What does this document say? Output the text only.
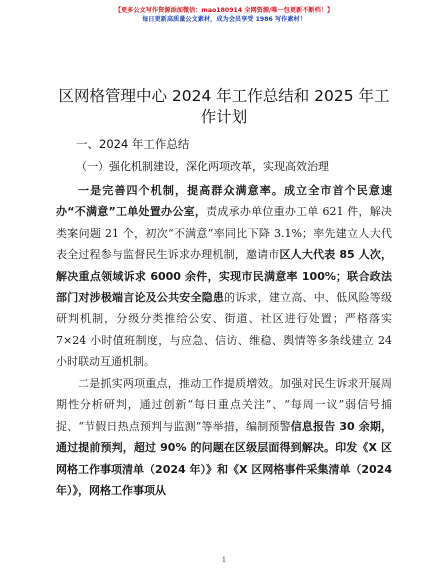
【更多公文写作资源添加微信：mao180914 全网资源/唯一包更新不断档！】
每日更新高质量公文素材，成为会员享受 1986 写作素材！
区网格管理中心 2024 年工作总结和 2025 年工作计划
一、2024 年工作总结
（一）强化机制建设，深化两项改革，实现高效治理
一是完善四个机制，提高群众满意率。成立全市首个民意速办“不满意”工单处置办公室，责成承办单位重办工单 621 件，解决类案问题 21 个，初次“不满意”率同比下降 3.1%；率先建立人大代表全过程参与监督民生诉求办理机制，邀请市区人大代表 85 人次，解决重点领域诉求 6000 余件，实现市民满意率 100%；联合政法部门对涉极端言论及公共安全隐患的诉求，建立高、中、低风险等级研判机制，分级分类推给公安、街道、社区进行处置；严格落实 7×24 小时值班制度，与应急、信访、维稳、舆情等多条线建立 24 小时联动互通机制。
二是抓实两项重点，推动工作提质增效。加强对民生诉求开展周期性分析研判，通过创新“每日重点关注”、“每周一议”弱信号捕捉、“节假日热点预判与监测”等举措，编制预警信息报告 30 余期，通过提前预判，超过 90% 的问题在区级层面得到解决。印发《X 区网格工作事项清单（2024 年）》和《X 区网格事件采集清单（2024 年）》，网格工作事项从
1
